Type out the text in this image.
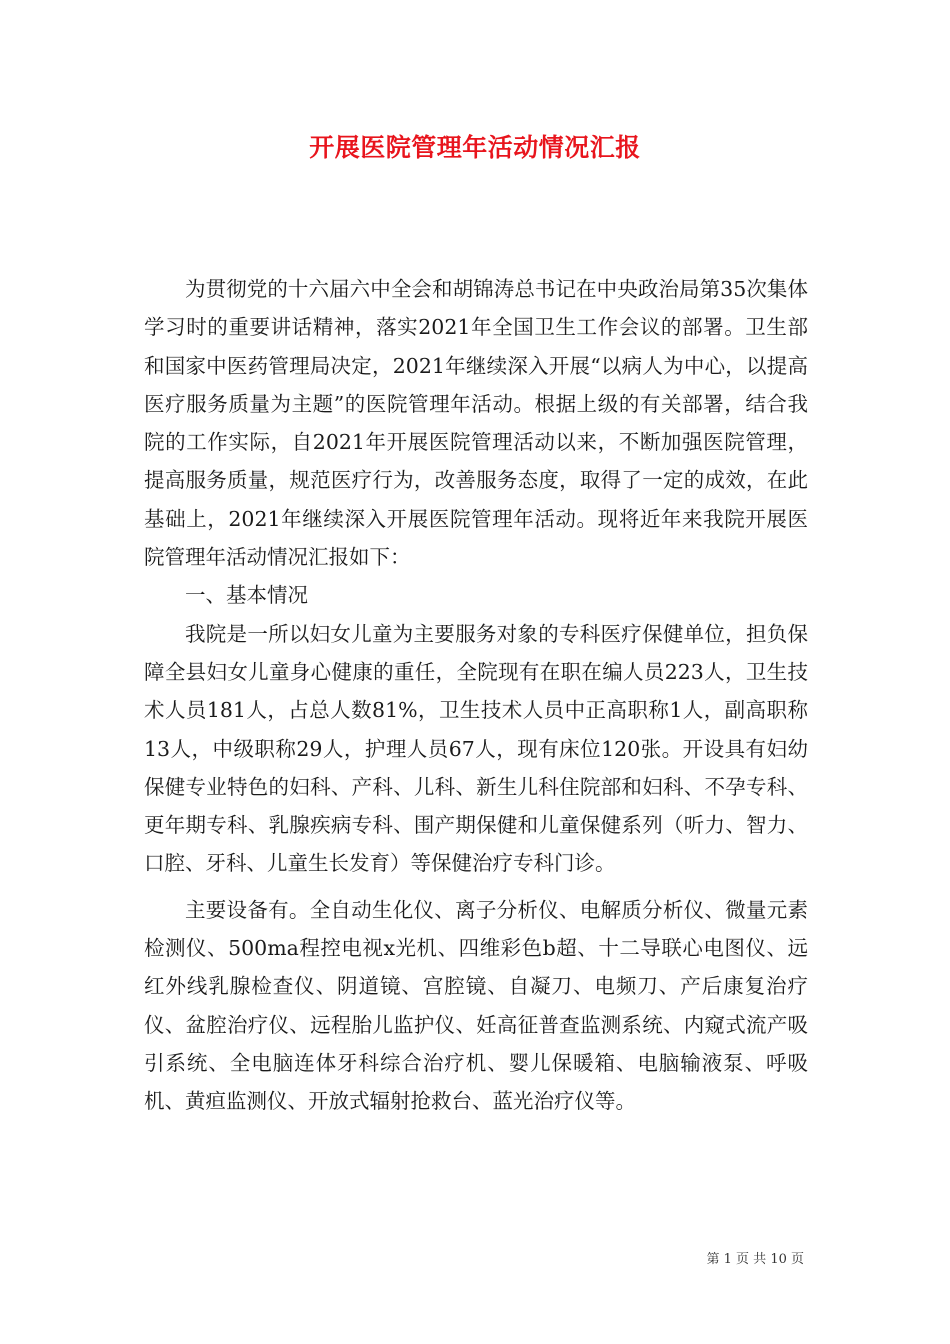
开展医院管理年活动情况汇报

为贯彻党的十六届六中全会和胡锦涛总书记在中央政治局第35次集体学习时的重要讲话精神，落实2021年全国卫生工作会议的部署。卫生部和国家中医药管理局决定，2021年继续深入开展“以病人为中心，以提高医疗服务质量为主题”的医院管理年活动。根据上级的有关部署，结合我院的工作实际，自2021年开展医院管理活动以来，不断加强医院管理，提高服务质量，规范医疗行为，改善服务态度，取得了一定的成效，在此基础上，2021年继续深入开展医院管理年活动。现将近年来我院开展医院管理年活动情况汇报如下：

一、基本情况

我院是一所以妇女儿童为主要服务对象的专科医疗保健单位，担负保障全县妇女儿童身心健康的重任，全院现有在职在编人员223人，卫生技术人员181人，占总人数81%，卫生技术人员中正高职称1人，副高职称13人，中级职称29人，护理人员67人，现有床位120张。开设具有妇幼保健专业特色的妇科、产科、儿科、新生儿科住院部和妇科、不孕专科、更年期专科、乳腺疾病专科、围产期保健和儿童保健系列（听力、智力、口腔、牙科、儿童生长发育）等保健治疗专科门诊。

主要设备有。全自动生化仪、离子分析仪、电解质分析仪、微量元素检测仪、500ma程控电视x光机、四维彩色b超、十二导联心电图仪、远红外线乳腺检查仪、阴道镜、宫腔镜、自凝刀、电频刀、产后康复治疗仪、盆腔治疗仪、远程胎儿监护仪、妊高征普查监测系统、内窥式流产吸引系统、全电脑连体牙科综合治疗机、婴儿保暖箱、电脑输液泵、呼吸机、黄疸监测仪、开放式辐射抢救台、蓝光治疗仪等。

第 1 页 共 10 页
